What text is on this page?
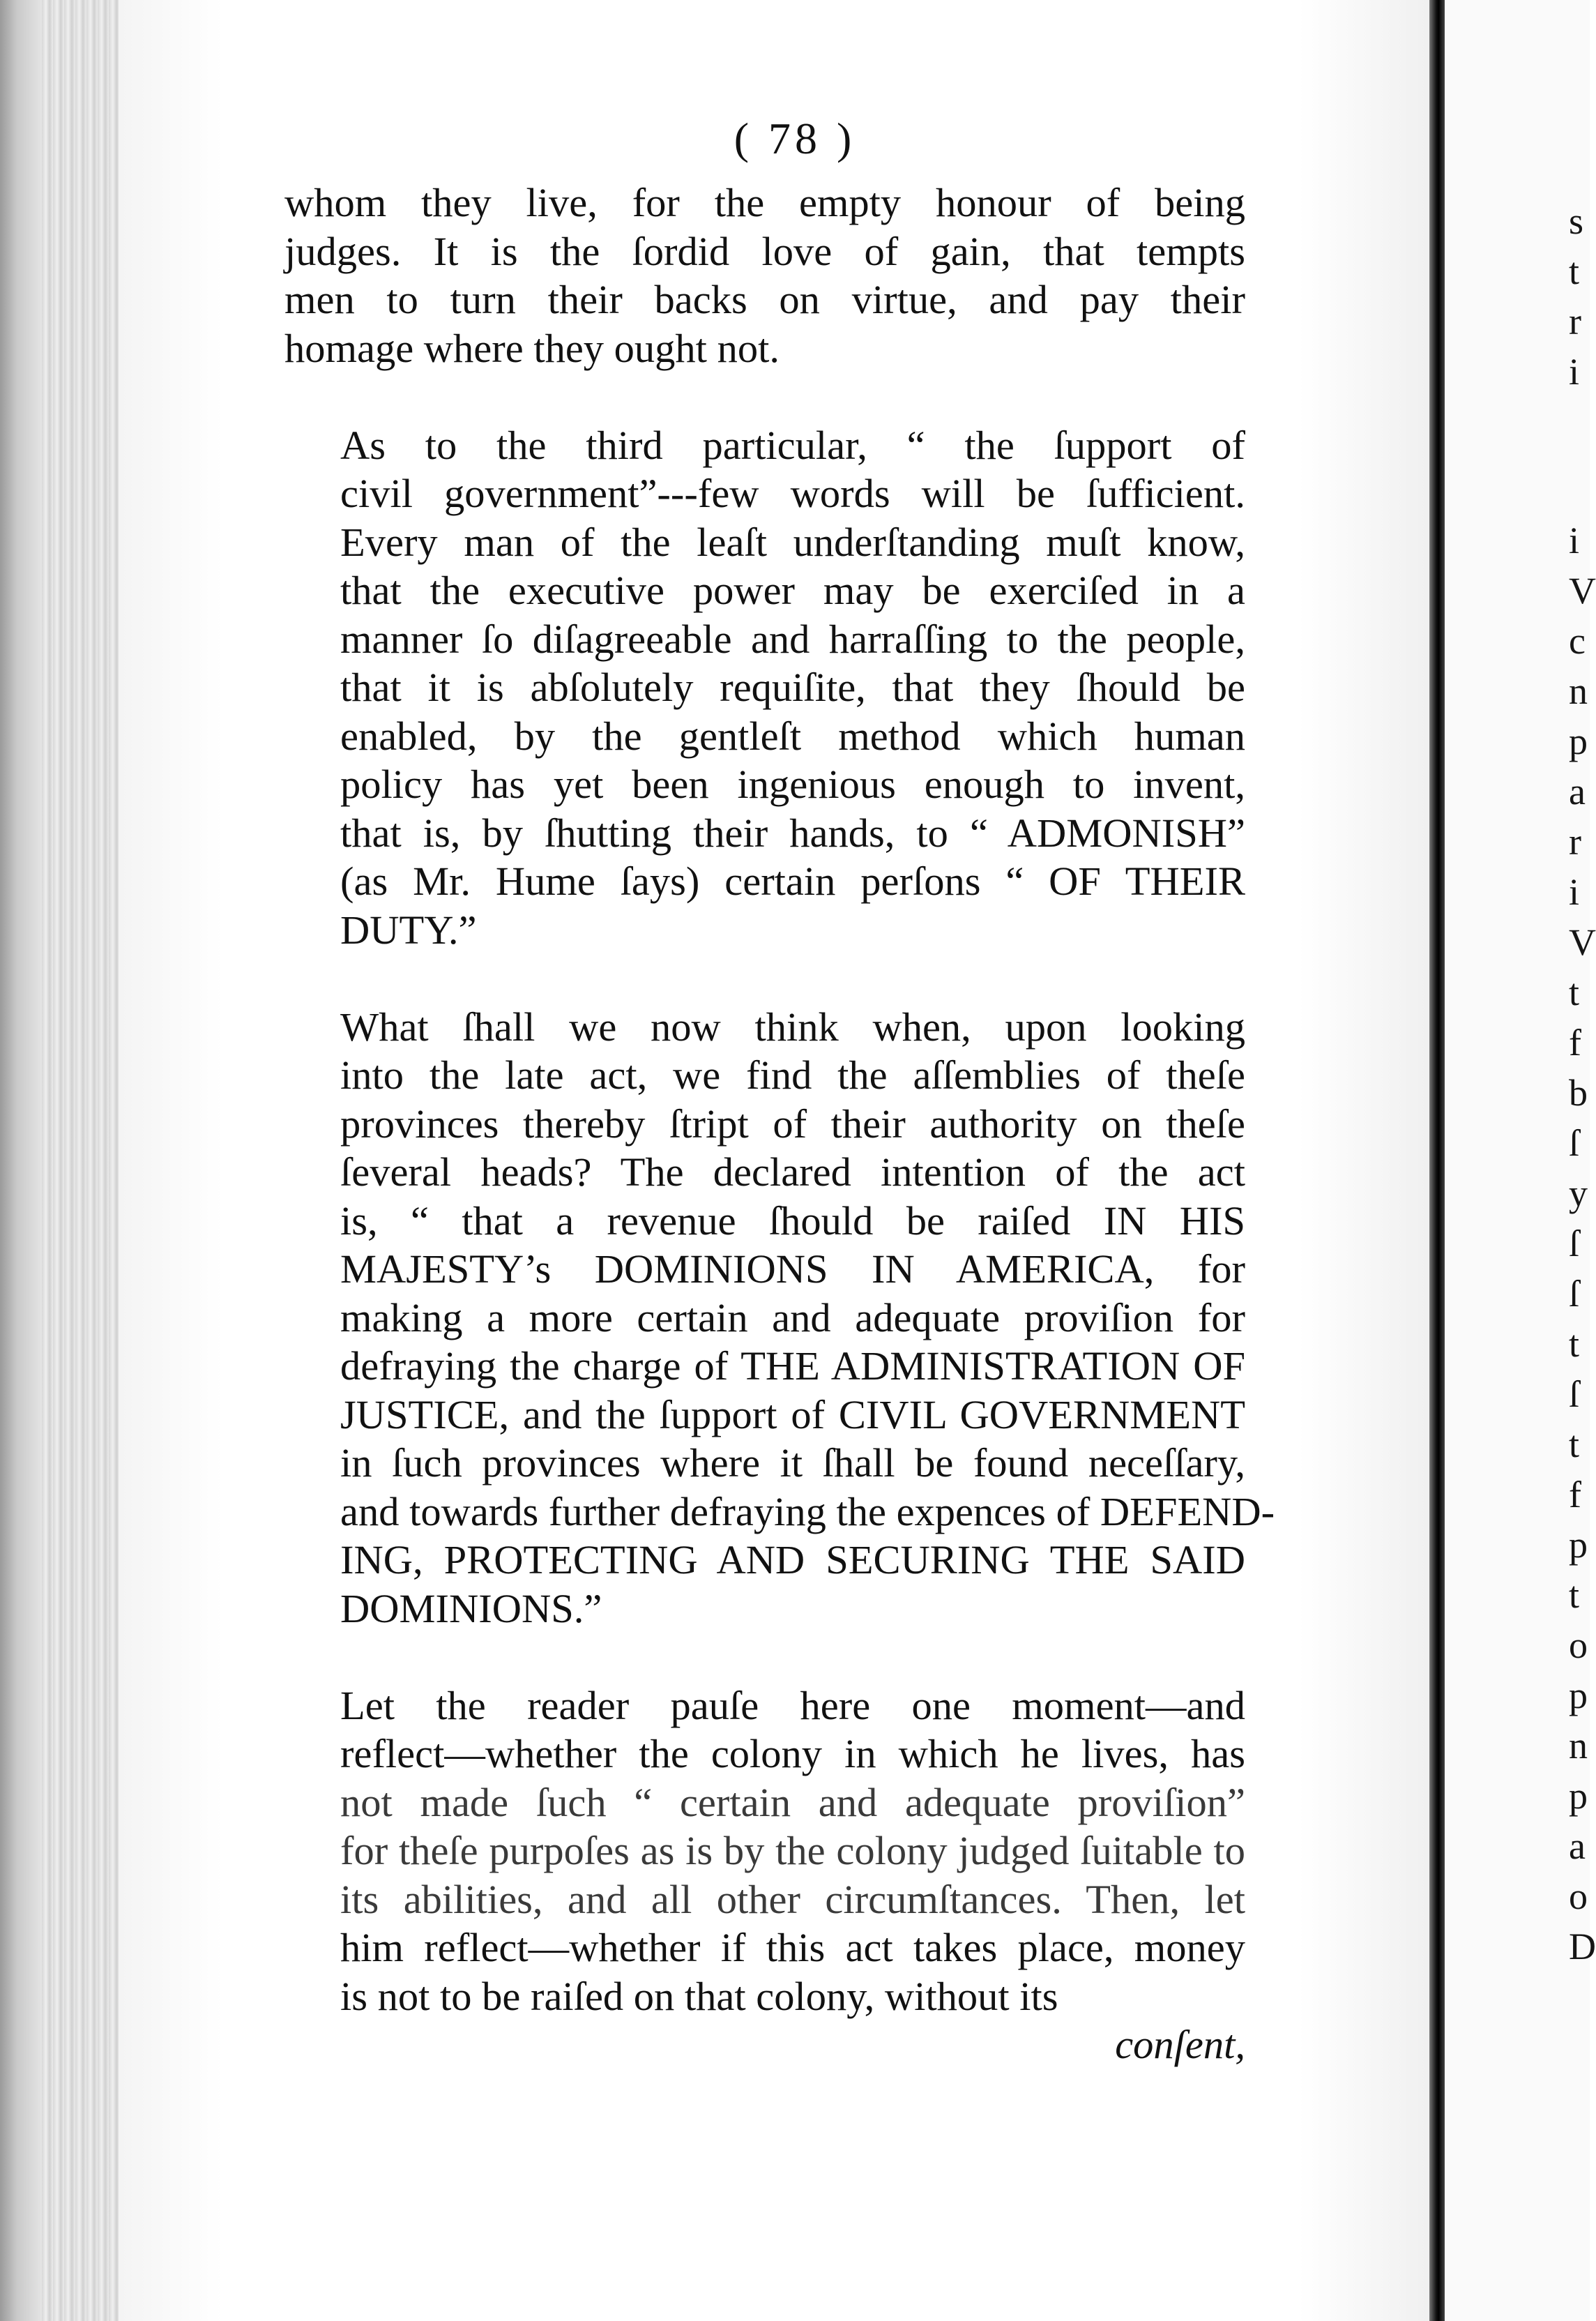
s
t
r
i
i
V
c
n
p
a
r
i
V
t
f
b
ſ
y
ſ
ſ
t
ſ
t
f
p
t
o
p
n
p
a
o
D
( 78 )

whom they live, for the empty honour of being
judges. It is the ſordid love of gain, that tempts
men to turn their backs on virtue, and pay their
homage where they ought not.

As to the third particular, “ the ſupport of
civil government”---few words will be ſufficient.
Every man of the leaſt underſtanding muſt know,
that the executive power may be exerciſed in a
manner ſo diſagreeable and harraſſing to the people,
that it is abſolutely requiſite, that they ſhould be
enabled, by the gentleſt method which human
policy has yet been ingenious enough to invent,
that is, by ſhutting their hands, to “ ADMONISH”
(as Mr. Hume ſays) certain perſons “ OF THEIR
DUTY.”

What ſhall we now think when, upon looking
into the late act, we find the aſſemblies of theſe
provinces thereby ſtript of their authority on theſe
ſeveral heads? The declared intention of the act
is, “ that a revenue ſhould be raiſed IN HIS
MAJESTY’s DOMINIONS IN AMERICA, for
making a more certain and adequate proviſion for
defraying the charge of THE ADMINISTRATION OF
JUSTICE, and the ſupport of CIVIL GOVERNMENT
in ſuch provinces where it ſhall be found neceſſary,
and towards further defraying the expences of DEFEND-
ING, PROTECTING AND SECURING THE SAID
DOMINIONS.”

Let the reader pauſe here one moment—and
reflect—whether the colony in which he lives, has
not made ſuch “ certain and adequate proviſion”
for theſe purpoſes as is by the colony judged ſuitable to
its abilities, and all other circumſtances. Then, let
him reflect—whether if this act takes place, money
is not to be raiſed on that colony, without its

conſent,
